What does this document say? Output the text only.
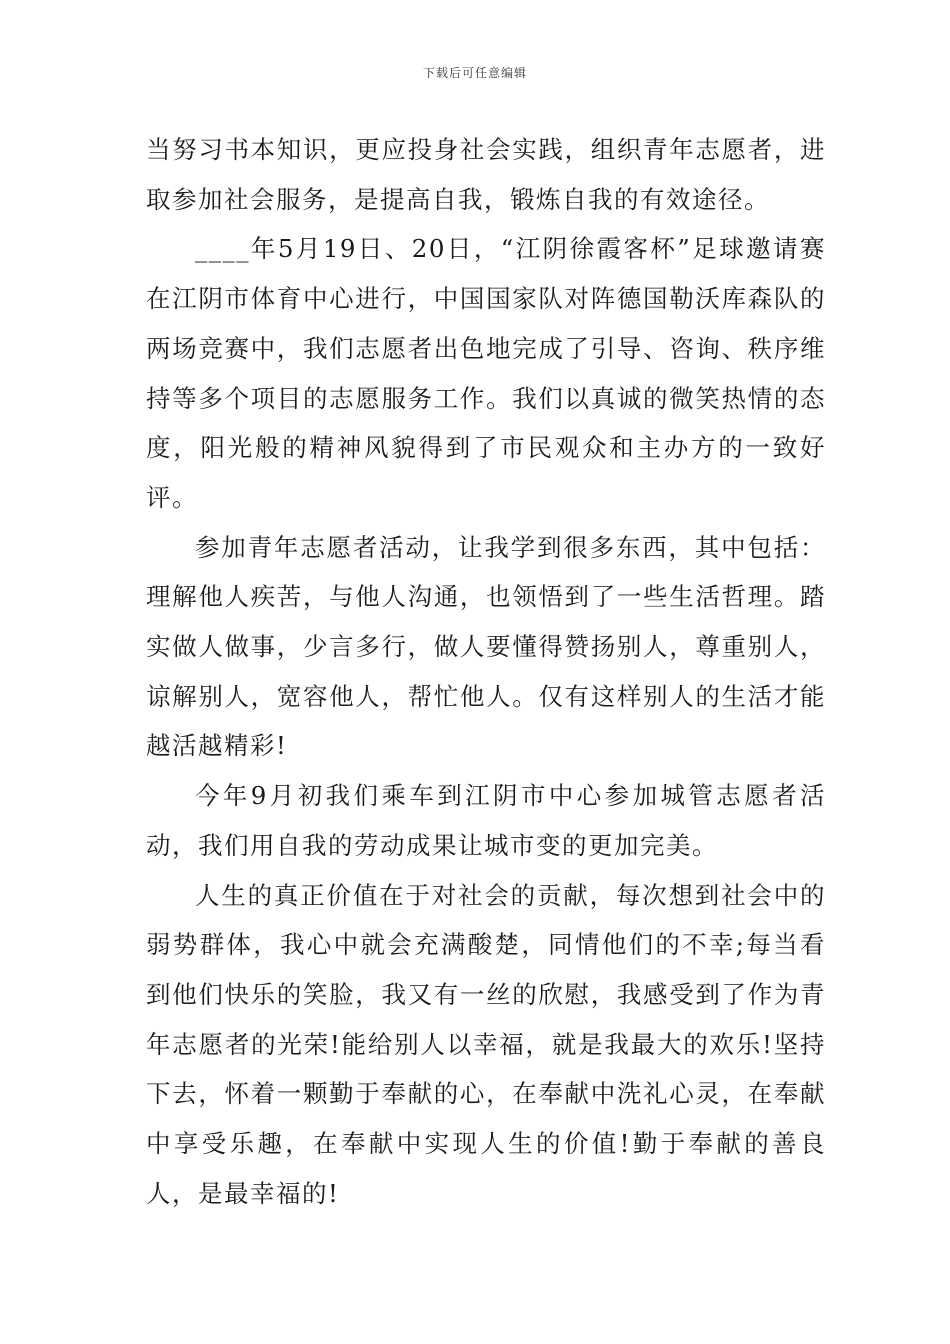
下载后可任意编辑

当努习书本知识，更应投身社会实践，组织青年志愿者，进取参加社会服务，是提高自我，锻炼自我的有效途径。

____年5月19日、20日，“江阴徐霞客杯”足球邀请赛在江阴市体育中心进行，中国国家队对阵德国勒沃库森队的两场竞赛中，我们志愿者出色地完成了引导、咨询、秩序维持等多个项目的志愿服务工作。我们以真诚的微笑热情的态度，阳光般的精神风貌得到了市民观众和主办方的一致好评。

参加青年志愿者活动，让我学到很多东西，其中包括：理解他人疾苦，与他人沟通，也领悟到了一些生活哲理。踏实做人做事，少言多行，做人要懂得赞扬别人，尊重别人，谅解别人，宽容他人，帮忙他人。仅有这样别人的生活才能越活越精彩!

今年9月初我们乘车到江阴市中心参加城管志愿者活动，我们用自我的劳动成果让城市变的更加完美。

人生的真正价值在于对社会的贡献，每次想到社会中的弱势群体，我心中就会充满酸楚，同情他们的不幸;每当看到他们快乐的笑脸，我又有一丝的欣慰，我感受到了作为青年志愿者的光荣!能给别人以幸福，就是我最大的欢乐!坚持下去，怀着一颗勤于奉献的心，在奉献中洗礼心灵，在奉献中享受乐趣，在奉献中实现人生的价值!勤于奉献的善良人，是最幸福的!
